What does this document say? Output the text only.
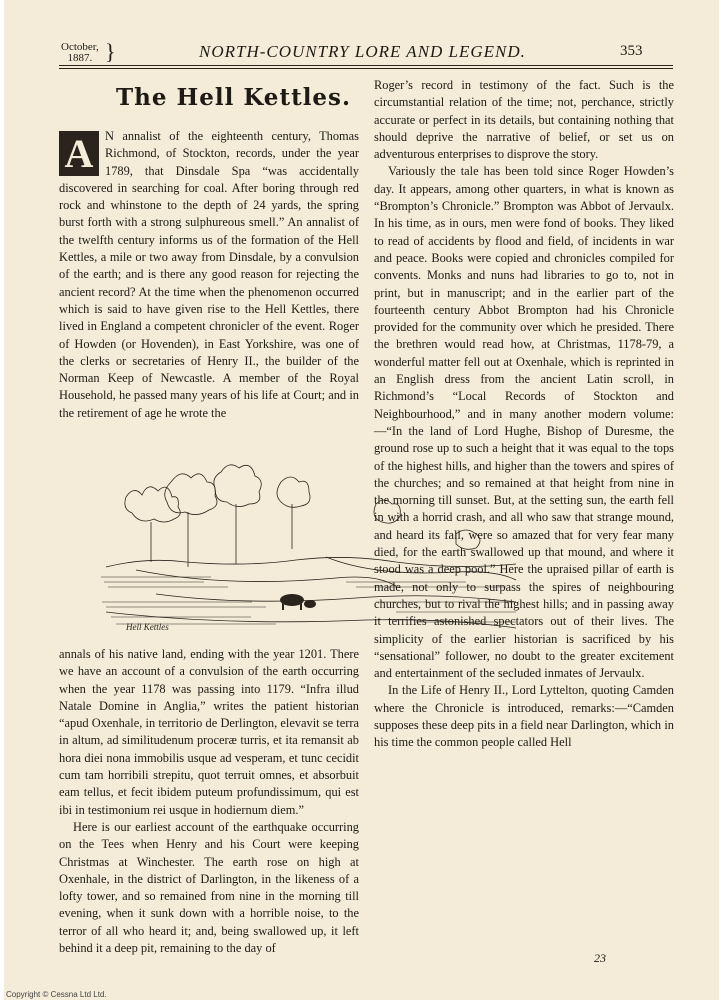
October,
1887. }	NORTH-COUNTRY LORE AND LEGEND.	353
The Hell Kettles.

A N annalist of the eighteenth century, Thomas Richmond, of Stockton, records, under the year 1789, that Dinsdale Spa “was accidentally discovered in searching for coal. After boring through red rock and whinstone to the depth of 24 yards, the spring burst forth with a strong sulphureous smell.” An annalist of the twelfth century informs us of the formation of the Hell Kettles, a mile or two away from Dinsdale, by a convulsion of the earth; and is there any good reason for rejecting the ancient record? At the time when the phenomenon occurred which is said to have given rise to the Hell Kettles, there lived in England a competent chronicler of the event. Roger of Howden (or Hovenden), in East Yorkshire, was one of the clerks or secretaries of Henry II., the builder of the Norman Keep of Newcastle. A member of the Royal Household, he passed many years of his life at Court; and in the retirement of age he wrote the

Roger’s record in testimony of the fact. Such is the circumstantial relation of the time; not, perchance, strictly accurate or perfect in its details, but containing nothing that should deprive the narrative of belief, or set us on adventurous enterprises to disprove the story.

Variously the tale has been told since Roger Howden’s day. It appears, among other quarters, in what is known as “Brompton’s Chronicle.” Brompton was Abbot of Jervaulx. In his time, as in ours, men were fond of books. They liked to read of accidents by flood and field, of incidents in war and peace. Books were copied and chronicles compiled for convents. Monks and nuns had libraries to go to, not in print, but in manuscript; and in the earlier part of the fourteenth century Abbot Brompton had his Chronicle provided for the community over which he presided. There the brethren would read how, at Christmas, 1178-79, a wonderful matter fell out at Oxenhale, which is reprinted in an English dress from the ancient Latin scroll, in Richmond’s “Local Records of Stockton and Neighbourhood,” and in many another modern volume:—“In the land of Lord Hughe, Bishop of Duresme, the ground rose up to such a height that it was equal to the tops of the highest hills, and higher than the towers and spires of the churches; and so remained at that height from nine in the morning till sunset. But, at the setting sun, the earth fell in with a horrid crash, and all who saw that strange mound, and heard its fall, were so amazed that for very fear many died, for the earth swallowed up that mound, and where it stood was a deep pool.” Here the upraised pillar of earth is made, not only to surpass the spires of neighbouring churches, but to rival the highest hills; and in passing away it terrifies astonished spectators out of their lives. The simplicity of the earlier historian is sacrificed by his “sensational” follower, no doubt to the greater excitement and entertainment of the secluded inmates of Jervaulx.

In the Life of Henry II., Lord Lyttelton, quoting Camden where the Chronicle is introduced, remarks:—“Camden supposes these deep pits in a field near Darlington, which in his time the common people called Hell

Hell Kettles

annals of his native land, ending with the year 1201. There we have an account of a convulsion of the earth occurring when the year 1178 was passing into 1179. “Infra illud Natale Domine in Anglia,” writes the patient historian “apud Oxenhale, in territorio de Derlington, elevavit se terra in altum, ad similitudenum proceræ turris, et ita remansit ab hora diei nona immobilis usque ad vesperam, et tunc cecidit cum tam horribili strepitu, quot terruit omnes, et absorbuit eam tellus, et fecit ibidem puteum profundissimum, qui est ibi in testimonium rei usque in hodiernum diem.”

Here is our earliest account of the earthquake occurring on the Tees when Henry and his Court were keeping Christmas at Winchester. The earth rose on high at Oxenhale, in the district of Darlington, in the likeness of a lofty tower, and so remained from nine in the morning till evening, when it sunk down with a horrible noise, to the terror of all who heard it; and, being swallowed up, it left behind it a deep pit, remaining to the day of

23
Copyright © Cessna Ltd Ltd.
